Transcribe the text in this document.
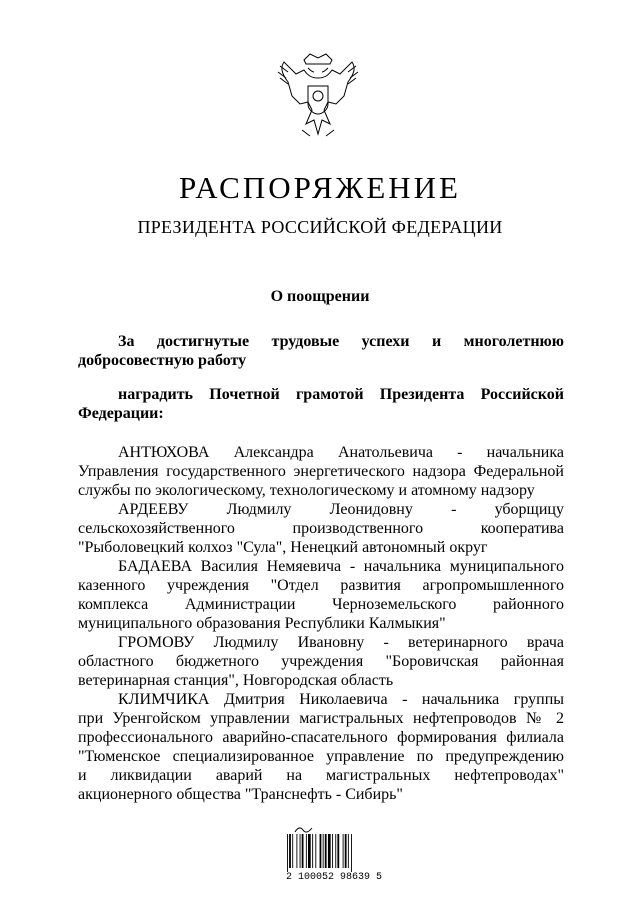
РАСПОРЯЖЕНИЕ
ПРЕЗИДЕНТА РОССИЙСКОЙ ФЕДЕРАЦИИ
О поощрении
За достигнутые трудовые успехи и многолетнюю
добросовестную работу
наградить Почетной грамотой Президента Российской
Федерации:
АНТЮХОВА Александра Анатольевича - начальника
Управления государственного энергетического надзора Федеральной
службы по экологическому, технологическому и атомному надзору
АРДЕЕВУ Людмилу Леонидовну - уборщицу
сельскохозяйственного производственного кооператива
"Рыболовецкий колхоз "Сула", Ненецкий автономный округ
БАДАЕВА Василия Немяевича - начальника муниципального
казенного учреждения "Отдел развития агропромышленного
комплекса Администрации Черноземельского районного
муниципального образования Республики Калмыкия"
ГРОМОВУ Людмилу Ивановну - ветеринарного врача
областного бюджетного учреждения "Боровичская районная
ветеринарная станция", Новгородская область
КЛИМЧИКА Дмитрия Николаевича - начальника группы
при Уренгойском управлении магистральных нефтепроводов № 2
профессионального аварийно-спасательного формирования филиала
"Тюменское специализированное управление по предупреждению
и ликвидации аварий на магистральных нефтепроводах"
акционерного общества "Транснефть - Сибирь"
2 100052 98639 5
